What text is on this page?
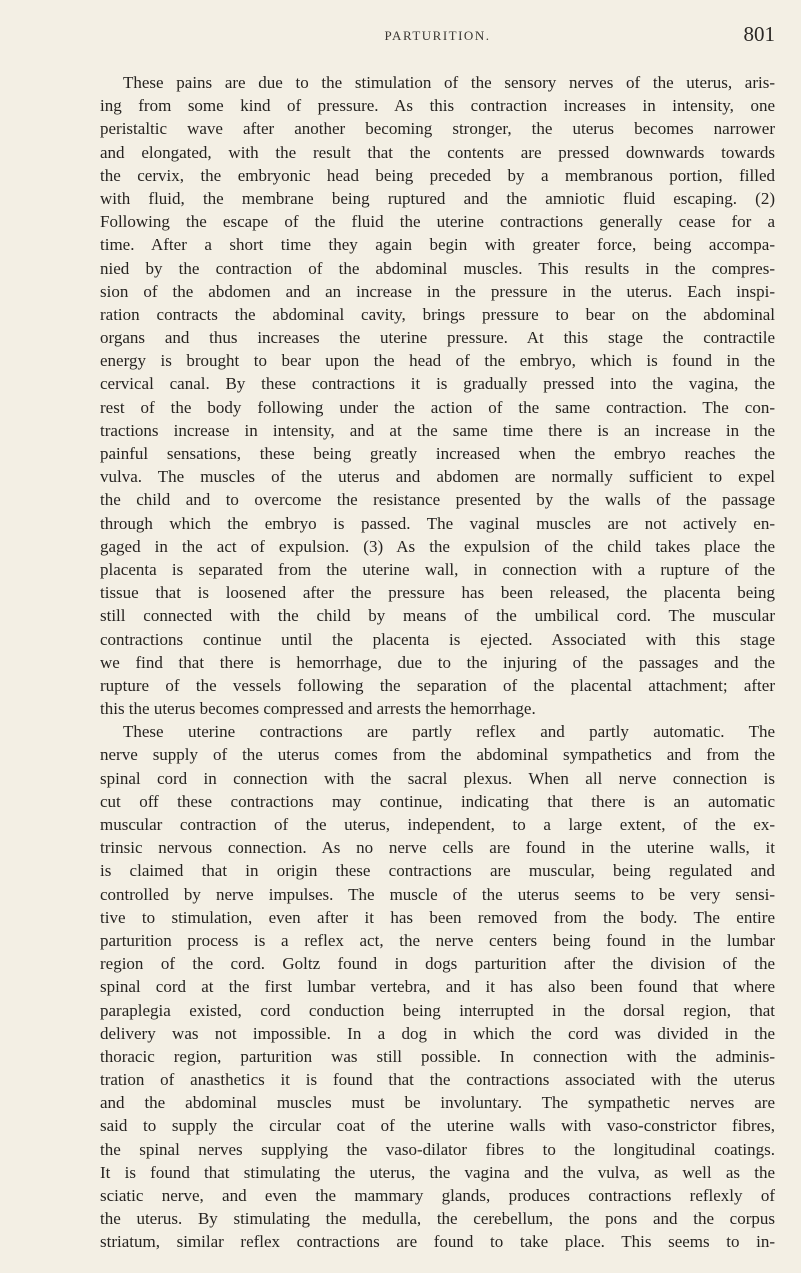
PARTURITION.	801
These pains are due to the stimulation of the sensory nerves of the uterus, aris-
ing from some kind of pressure. As this contraction increases in intensity, one
peristaltic wave after another becoming stronger, the uterus becomes narrower
and elongated, with the result that the contents are pressed downwards towards
the cervix, the embryonic head being preceded by a membranous portion, filled
with fluid, the membrane being ruptured and the amniotic fluid escaping. (2)
Following the escape of the fluid the uterine contractions generally cease for a
time. After a short time they again begin with greater force, being accompa-
nied by the contraction of the abdominal muscles. This results in the compres-
sion of the abdomen and an increase in the pressure in the uterus. Each inspi-
ration contracts the abdominal cavity, brings pressure to bear on the abdominal
organs and thus increases the uterine pressure. At this stage the contractile
energy is brought to bear upon the head of the embryo, which is found in the
cervical canal. By these contractions it is gradually pressed into the vagina, the
rest of the body following under the action of the same contraction. The con-
tractions increase in intensity, and at the same time there is an increase in the
painful sensations, these being greatly increased when the embryo reaches the
vulva. The muscles of the uterus and abdomen are normally sufficient to expel
the child and to overcome the resistance presented by the walls of the passage
through which the embryo is passed. The vaginal muscles are not actively en-
gaged in the act of expulsion. (3) As the expulsion of the child takes place the
placenta is separated from the uterine wall, in connection with a rupture of the
tissue that is loosened after the pressure has been released, the placenta being
still connected with the child by means of the umbilical cord. The muscular
contractions continue until the placenta is ejected. Associated with this stage
we find that there is hemorrhage, due to the injuring of the passages and the
rupture of the vessels following the separation of the placental attachment; after
this the uterus becomes compressed and arrests the hemorrhage.
These uterine contractions are partly reflex and partly automatic. The
nerve supply of the uterus comes from the abdominal sympathetics and from the
spinal cord in connection with the sacral plexus. When all nerve connection is
cut off these contractions may continue, indicating that there is an automatic
muscular contraction of the uterus, independent, to a large extent, of the ex-
trinsic nervous connection. As no nerve cells are found in the uterine walls, it
is claimed that in origin these contractions are muscular, being regulated and
controlled by nerve impulses. The muscle of the uterus seems to be very sensi-
tive to stimulation, even after it has been removed from the body. The entire
parturition process is a reflex act, the nerve centers being found in the lumbar
region of the cord. Goltz found in dogs parturition after the division of the
spinal cord at the first lumbar vertebra, and it has also been found that where
paraplegia existed, cord conduction being interrupted in the dorsal region, that
delivery was not impossible. In a dog in which the cord was divided in the
thoracic region, parturition was still possible. In connection with the adminis-
tration of anasthetics it is found that the contractions associated with the uterus
and the abdominal muscles must be involuntary. The sympathetic nerves are
said to supply the circular coat of the uterine walls with vaso-constrictor fibres,
the spinal nerves supplying the vaso-dilator fibres to the longitudinal coatings.
It is found that stimulating the uterus, the vagina and the vulva, as well as the
sciatic nerve, and even the mammary glands, produces contractions reflexly of
the uterus. By stimulating the medulla, the cerebellum, the pons and the corpus
striatum, similar reflex contractions are found to take place. This seems to in-
